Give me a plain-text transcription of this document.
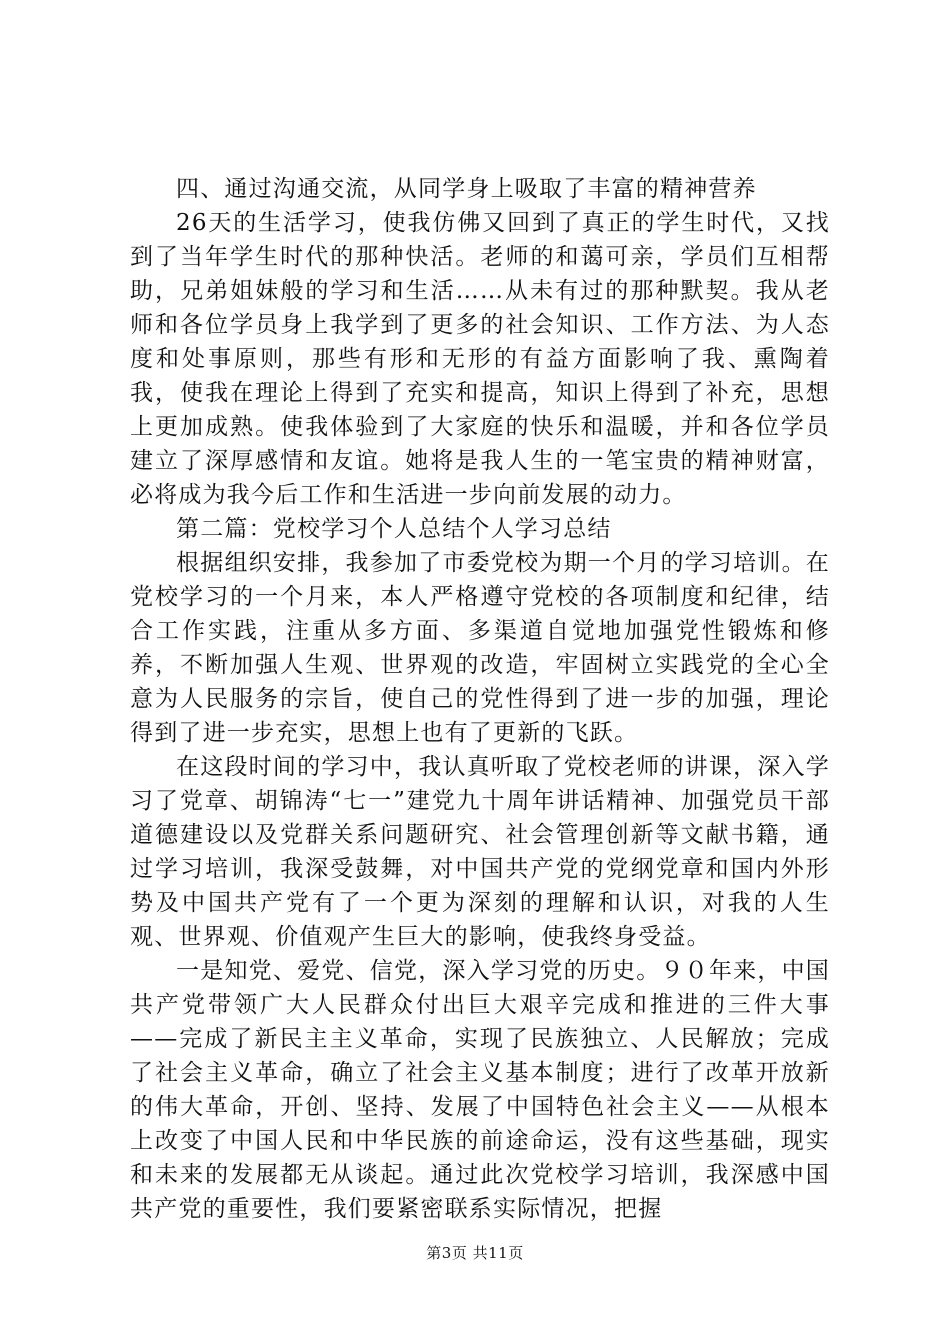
四、通过沟通交流，从同学身上吸取了丰富的精神营养

26天的生活学习，使我仿佛又回到了真正的学生时代，又找到了当年学生时代的那种快活。老师的和蔼可亲，学员们互相帮助，兄弟姐妹般的学习和生活……从未有过的那种默契。我从老师和各位学员身上我学到了更多的社会知识、工作方法、为人态度和处事原则，那些有形和无形的有益方面影响了我、熏陶着我，使我在理论上得到了充实和提高，知识上得到了补充，思想上更加成熟。使我体验到了大家庭的快乐和温暖，并和各位学员建立了深厚感情和友谊。她将是我人生的一笔宝贵的精神财富，必将成为我今后工作和生活进一步向前发展的动力。

第二篇：党校学习个人总结个人学习总结

根据组织安排，我参加了市委党校为期一个月的学习培训。在党校学习的一个月来，本人严格遵守党校的各项制度和纪律，结合工作实践，注重从多方面、多渠道自觉地加强党性锻炼和修养，不断加强人生观、世界观的改造，牢固树立实践党的全心全意为人民服务的宗旨，使自己的党性得到了进一步的加强，理论得到了进一步充实，思想上也有了更新的飞跃。

在这段时间的学习中，我认真听取了党校老师的讲课，深入学习了党章、胡锦涛“七一”建党九十周年讲话精神、加强党员干部道德建设以及党群关系问题研究、社会管理创新等文献书籍，通过学习培训，我深受鼓舞，对中国共产党的党纲党章和国内外形势及中国共产党有了一个更为深刻的理解和认识，对我的人生观、世界观、价值观产生巨大的影响，使我终身受益。

一是知党、爱党、信党，深入学习党的历史。９０年来，中国共产党带领广大人民群众付出巨大艰辛完成和推进的三件大事——完成了新民主主义革命，实现了民族独立、人民解放；完成了社会主义革命，确立了社会主义基本制度；进行了改革开放新的伟大革命，开创、坚持、发展了中国特色社会主义——从根本上改变了中国人民和中华民族的前途命运，没有这些基础，现实和未来的发展都无从谈起。通过此次党校学习培训，我深感中国共产党的重要性，我们要紧密联系实际情况，把握

第3页 共11页
